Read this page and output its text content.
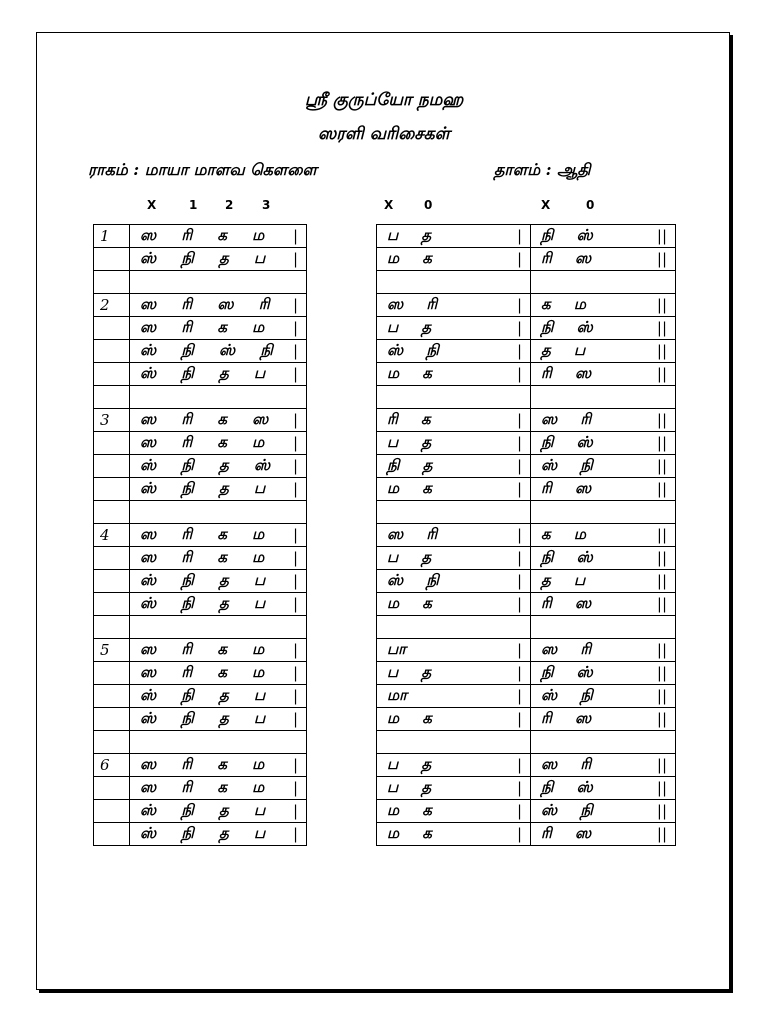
ஸ்ரீ குருப்யோ நமஹ
ஸரளி வரிசைகள்
ராகம் : மாயா மாளவ கௌளை	தாளம் : ஆதி
X	1 2 3	X	0	X	0
1	ஸ ரி க ம |		ப த |	நி ஸ் ||

	ஸ் நி த ப |		ம க |	ரி ஸ ||

2	ஸ ரி ஸ ரி |		ஸ ரி |	க ம ||

	ஸ ரி க ம |		ப த |	நி ஸ் ||

	ஸ் நி ஸ் நி |		ஸ் நி |	த ப ||

	ஸ் நி த ப |		ம க |	ரி ஸ ||

3	ஸ ரி க ஸ |		ரி க |	ஸ ரி ||

	ஸ ரி க ம |		ப த |	நி ஸ் ||

	ஸ் நி த ஸ் |		நி த |	ஸ் நி ||

	ஸ் நி த ப |		ம க |	ரி ஸ ||

4	ஸ ரி க ம |		ஸ ரி |	க ம ||

	ஸ ரி க ம |		ப த |	நி ஸ் ||

	ஸ் நி த ப |		ஸ் நி |	த ப ||

	ஸ் நி த ப |		ம க |	ரி ஸ ||

5	ஸ ரி க ம |		பா |	ஸ ரி ||

	ஸ ரி க ம |		ப த |	நி ஸ் ||

	ஸ் நி த ப |		மா |	ஸ் நி ||

	ஸ் நி த ப |		ம க |	ரி ஸ ||

6	ஸ ரி க ம |		ப த |	ஸ ரி ||

	ஸ ரி க ம |		ப த |	நி ஸ் ||

	ஸ் நி த ப |		ம க |	ஸ் நி ||

	ஸ் நி த ப |		ம க |	ரி ஸ ||
